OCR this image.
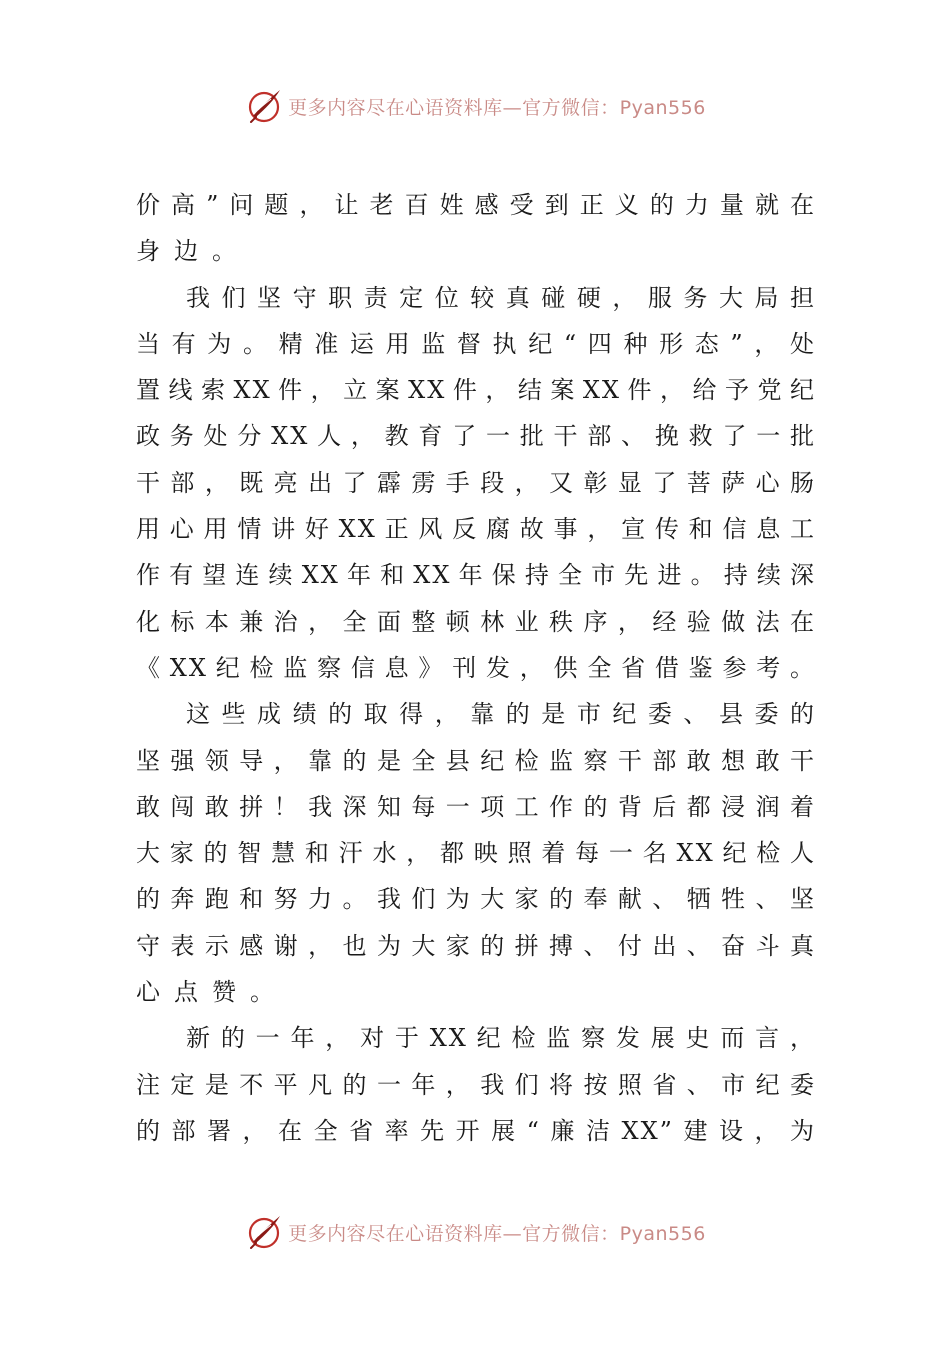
更多内容尽在心语资料库—官方微信：Pyan556
价高”问题，让老百姓感受到正义的力量就在
身边。
我们坚守职责定位较真碰硬，服务大局担
当有为。精准运用监督执纪“四种形态”，处
置线索XX件，立案XX件，结案XX件，给予党纪
政务处分XX人，教育了一批干部、挽救了一批
干部，既亮出了霹雳手段，又彰显了菩萨心肠
用心用情讲好XX正风反腐故事，宣传和信息工
作有望连续XX年和XX年保持全市先进。持续深
化标本兼治，全面整顿林业秩序，经验做法在
《XX纪检监察信息》刊发，供全省借鉴参考。
这些成绩的取得，靠的是市纪委、县委的
坚强领导，靠的是全县纪检监察干部敢想敢干
敢闯敢拼！我深知每一项工作的背后都浸润着
大家的智慧和汗水，都映照着每一名XX纪检人
的奔跑和努力。我们为大家的奉献、牺牲、坚
守表示感谢，也为大家的拼搏、付出、奋斗真
心点赞。
新的一年，对于XX纪检监察发展史而言，
注定是不平凡的一年，我们将按照省、市纪委
的部署，在全省率先开展“廉洁XX”建设，为
更多内容尽在心语资料库—官方微信：Pyan556
